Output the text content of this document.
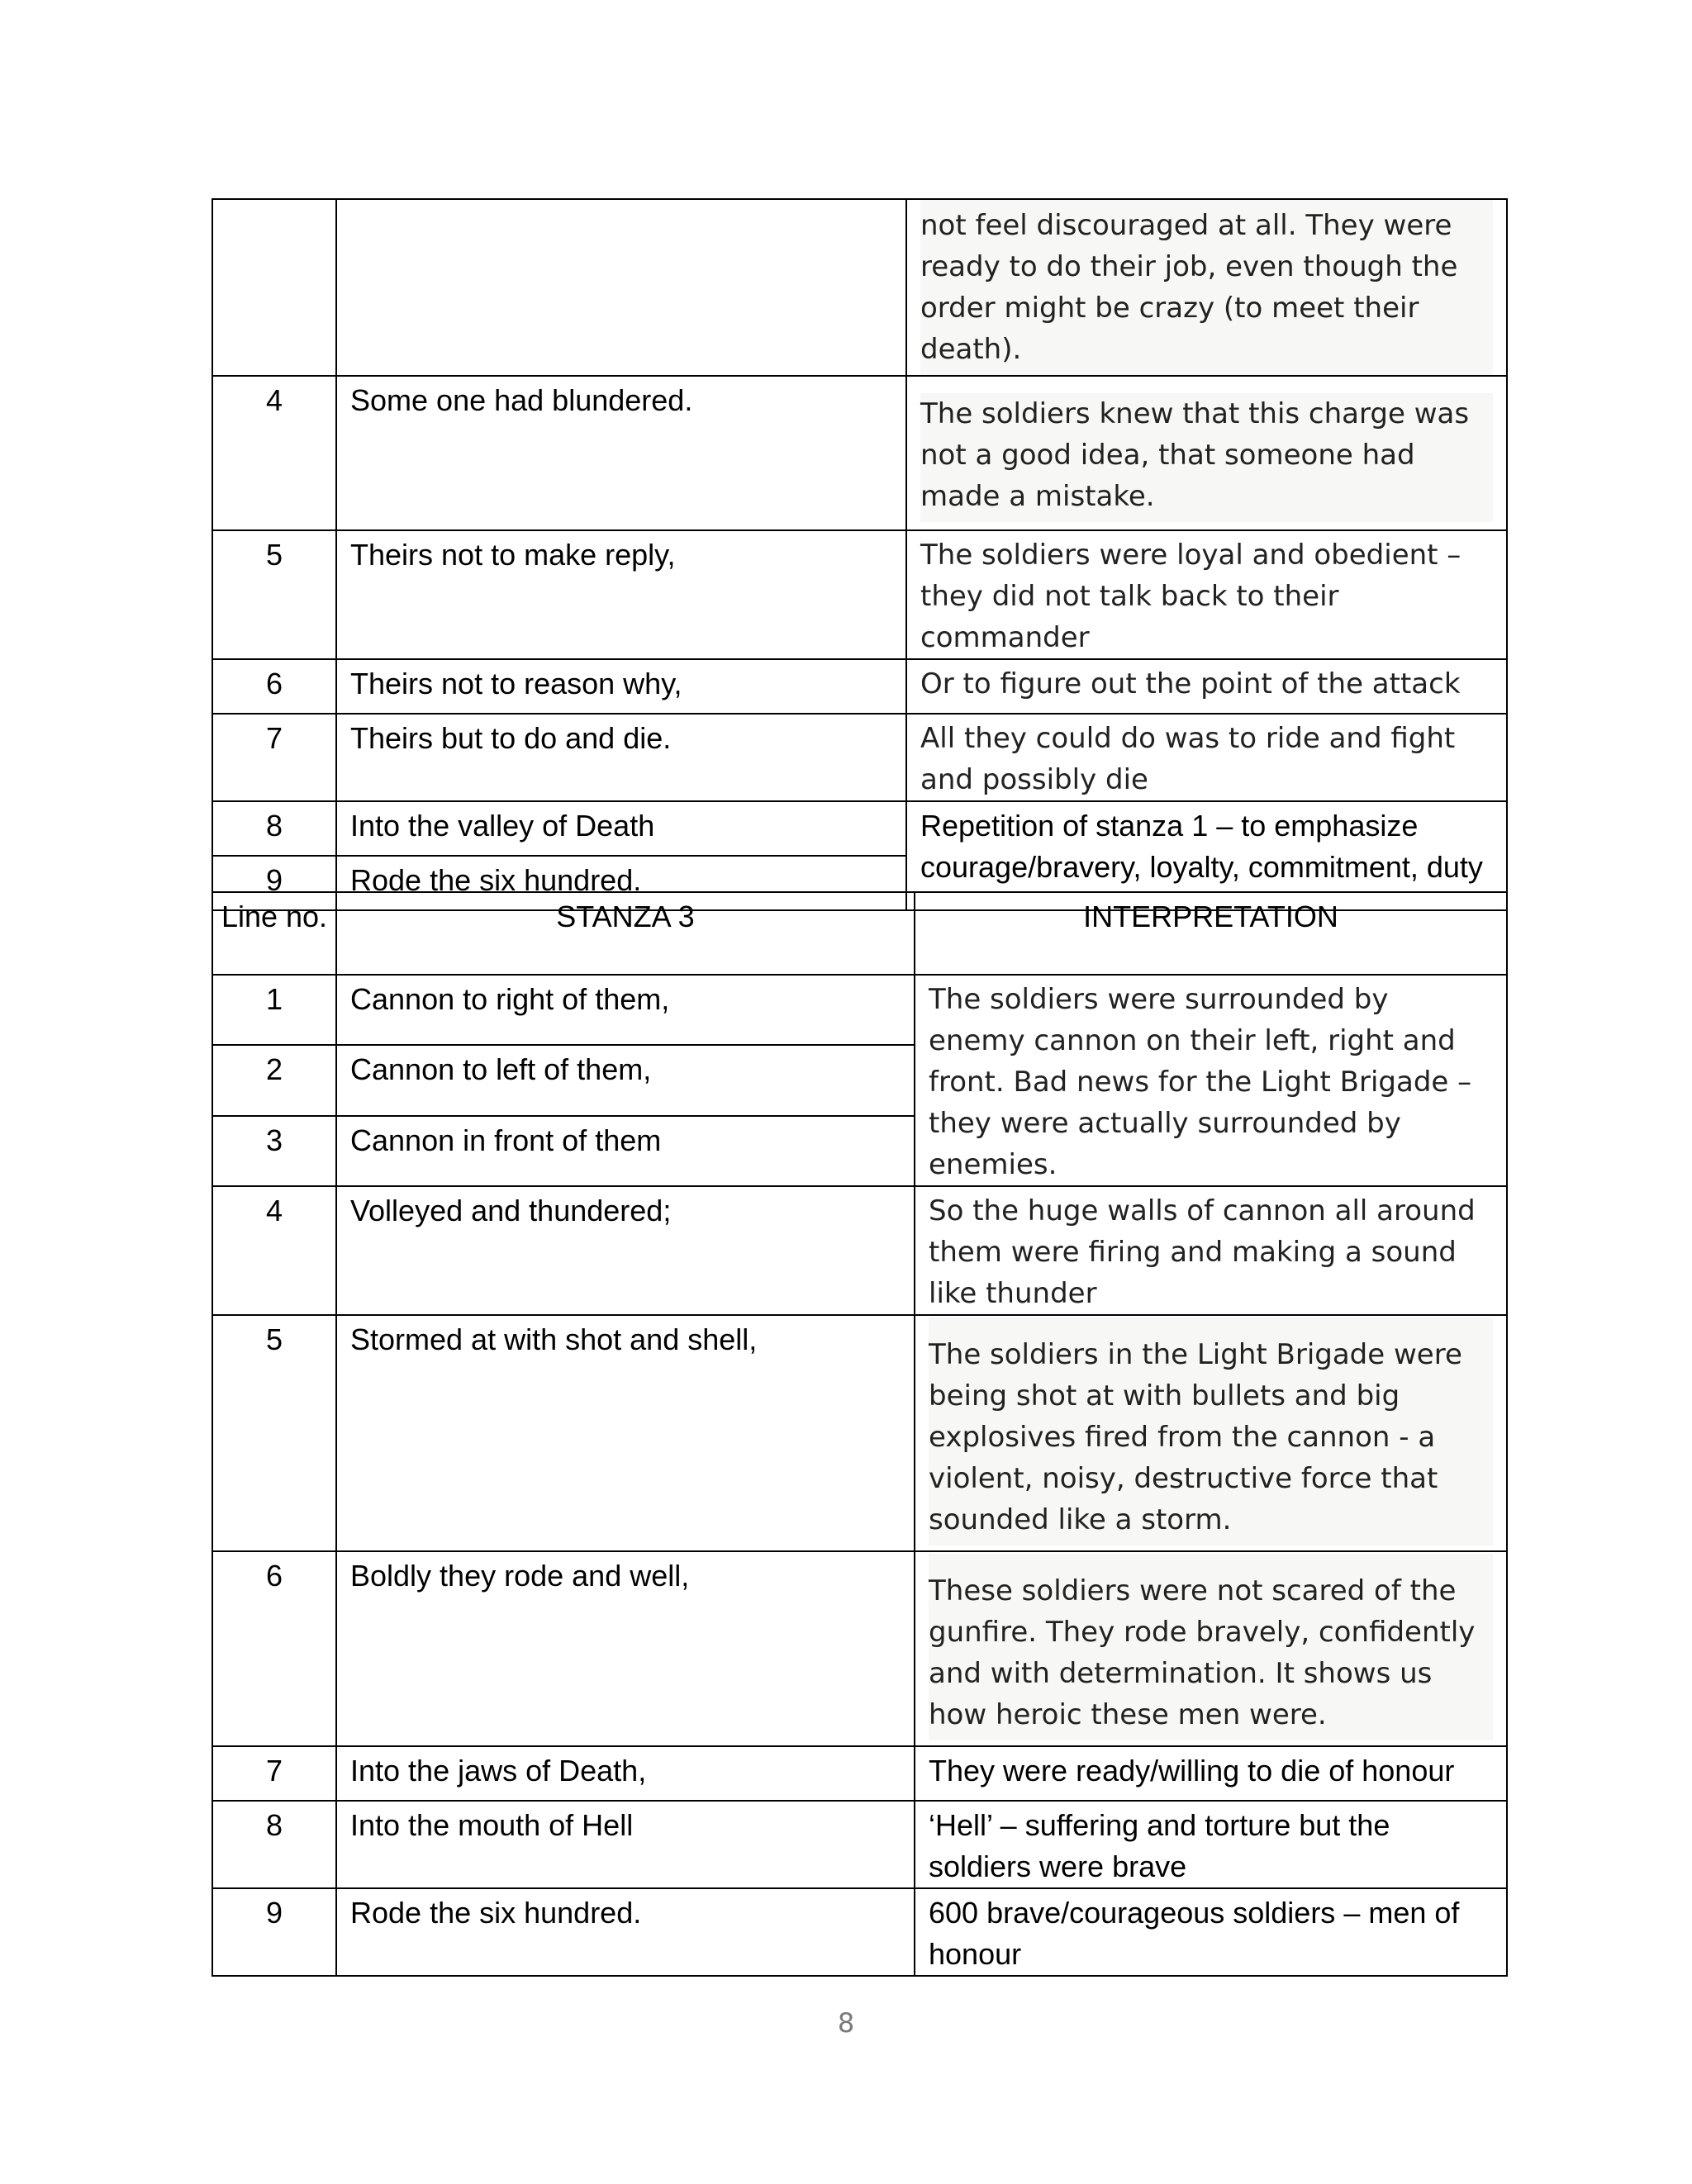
		not feel discouraged at all. They were ready to do their job, even though the order might be crazy (to meet their death).

4	Some one had blundered.	The soldiers knew that this charge was not a good idea, that someone had made a mistake.

5	Theirs not to make reply,	The soldiers were loyal and obedient – they did not talk back to their commander
6	Theirs not to reason why,	Or to figure out the point of the attack
7	Theirs but to do and die.	All they could do was to ride and fight and possibly die
8	Into the valley of Death	Repetition of stanza 1 – to emphasize courage/bravery, loyalty, commitment, duty
9	Rode the six hundred.	
Line no.	STANZA 3	INTERPRETATION
1	Cannon to right of them,	The soldiers were surrounded by enemy cannon on their left, right and front. Bad news for the Light Brigade – they were actually surrounded by enemies.
2	Cannon to left of them,	
3	Cannon in front of them	
4	Volleyed and thundered;	So the huge walls of cannon all around them were firing and making a sound like thunder
5	Stormed at with shot and shell,	The soldiers in the Light Brigade were being shot at with bullets and big explosives fired from the cannon - a violent, noisy, destructive force that sounded like a storm.

6	Boldly they rode and well,	These soldiers were not scared of the gunfire. They rode bravely, confidently and with determination. It shows us how heroic these men were.

7	Into the jaws of Death,	They were ready/willing to die of honour
8	Into the mouth of Hell	‘Hell’ – suffering and torture but the soldiers were brave
9	Rode the six hundred.	600 brave/courageous soldiers – men of honour
8
